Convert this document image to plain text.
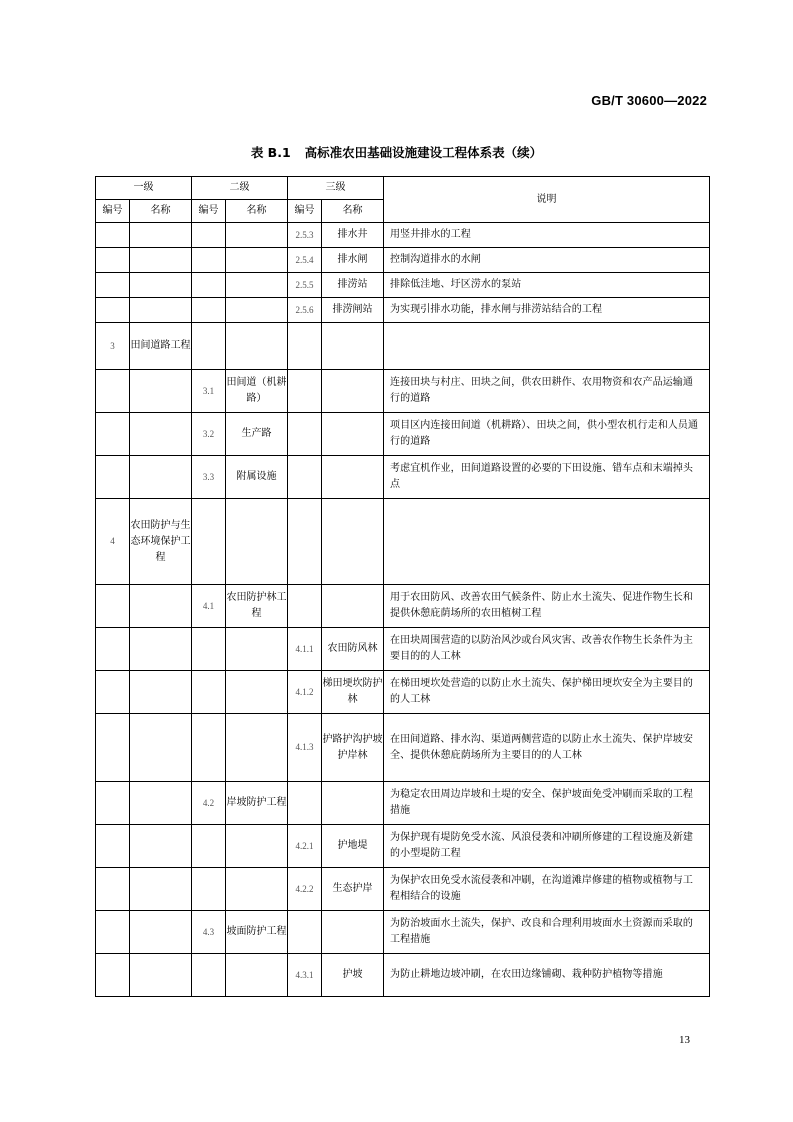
GB/T 30600—2022
表 B.1 高标准农田基础设施建设工程体系表（续）
一级		二级		三级		说明
编号	名称	编号	名称	编号	名称	
				2.5.3	排水井	用竖井排水的工程
				2.5.4	排水闸	控制沟道排水的水闸
				2.5.5	排涝站	排除低洼地、圩区涝水的泵站
				2.5.6	排涝闸站	为实现引排水功能，排水闸与排涝站结合的工程
3	田间道路工程					
		3.1	田间道（机耕路）			连接田块与村庄、田块之间，供农田耕作、农用物资和农产品运输通行的道路
		3.2	生产路			项目区内连接田间道（机耕路）、田块之间，供小型农机行走和人员通行的道路
		3.3	附属设施			考虑宜机作业，田间道路设置的必要的下田设施、错车点和末端掉头点
4	农田防护与生态环境保护工程					
		4.1	农田防护林工程			用于农田防风、改善农田气候条件、防止水土流失、促进作物生长和提供休憩庇荫场所的农田植树工程
				4.1.1	农田防风林	在田块周围营造的以防治风沙或台风灾害、改善农作物生长条件为主要目的的人工林
				4.1.2	梯田埂坎防护林	在梯田埂坎处营造的以防止水土流失、保护梯田埂坎安全为主要目的的人工林
				4.1.3	护路护沟护坡护岸林	在田间道路、排水沟、渠道两侧营造的以防止水土流失、保护岸坡安全、提供休憩庇荫场所为主要目的的人工林
		4.2	岸坡防护工程			为稳定农田周边岸坡和土堤的安全、保护坡面免受冲刷而采取的工程措施
				4.2.1	护地堤	为保护现有堤防免受水流、风浪侵袭和冲刷所修建的工程设施及新建的小型堤防工程
				4.2.2	生态护岸	为保护农田免受水流侵袭和冲刷，在沟道滩岸修建的植物或植物与工程相结合的设施
		4.3	坡面防护工程			为防治坡面水土流失，保护、改良和合理利用坡面水土资源而采取的工程措施
				4.3.1	护坡	为防止耕地边坡冲刷，在农田边缘铺砌、栽种防护植物等措施
13
